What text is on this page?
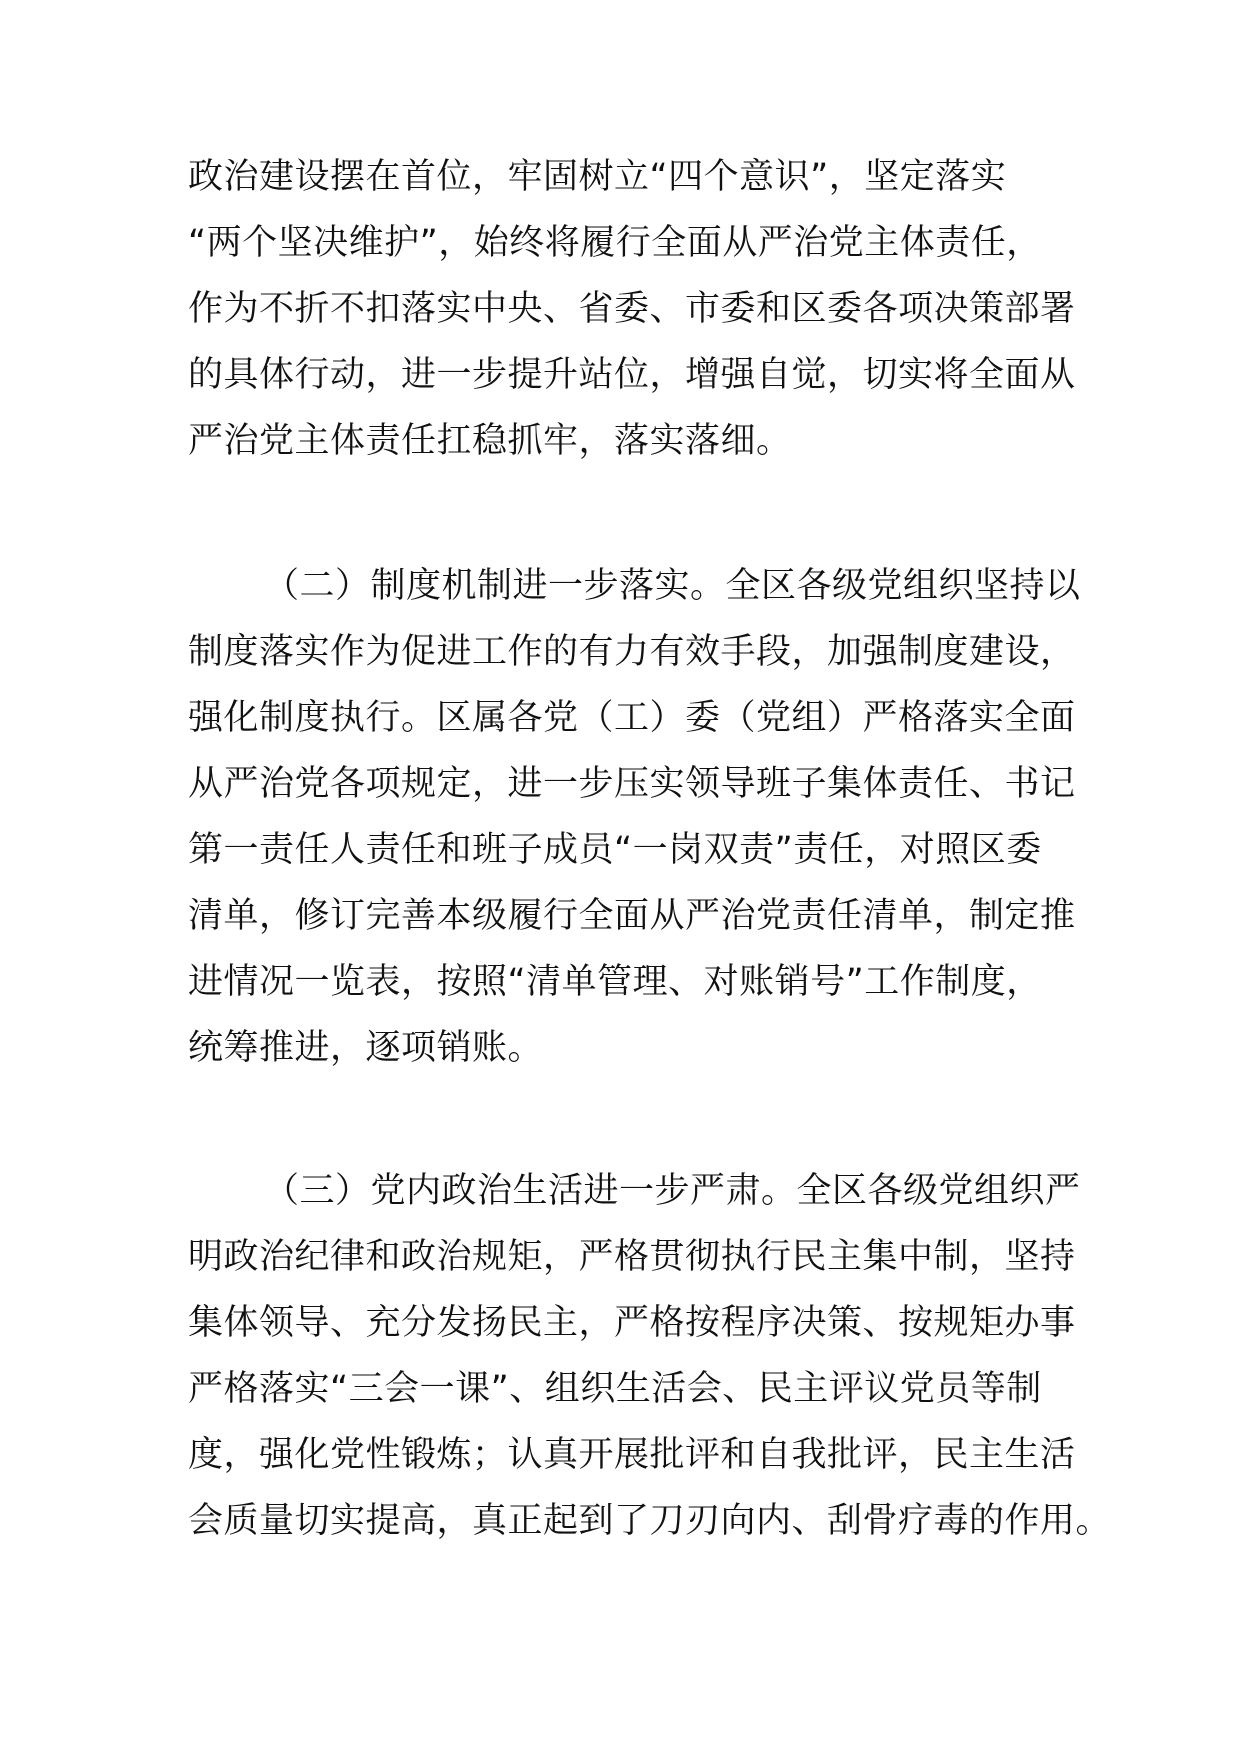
政治建设摆在首位，牢固树立“四个意识”，坚定落实
“两个坚决维护”，始终将履行全面从严治党主体责任，
作为不折不扣落实中央、省委、市委和区委各项决策部署
的具体行动，进一步提升站位，增强自觉，切实将全面从
严治党主体责任扛稳抓牢，落实落细。
（二）制度机制进一步落实。全区各级党组织坚持以
制度落实作为促进工作的有力有效手段，加强制度建设，
强化制度执行。区属各党（工）委（党组）严格落实全面
从严治党各项规定，进一步压实领导班子集体责任、书记
第一责任人责任和班子成员“一岗双责”责任，对照区委
清单，修订完善本级履行全面从严治党责任清单，制定推
进情况一览表，按照“清单管理、对账销号”工作制度，
统筹推进，逐项销账。
（三）党内政治生活进一步严肃。全区各级党组织严
明政治纪律和政治规矩，严格贯彻执行民主集中制，坚持
集体领导、充分发扬民主，严格按程序决策、按规矩办事
严格落实“三会一课”、组织生活会、民主评议党员等制
度，强化党性锻炼；认真开展批评和自我批评，民主生活
会质量切实提高，真正起到了刀刃向内、刮骨疗毒的作用。
